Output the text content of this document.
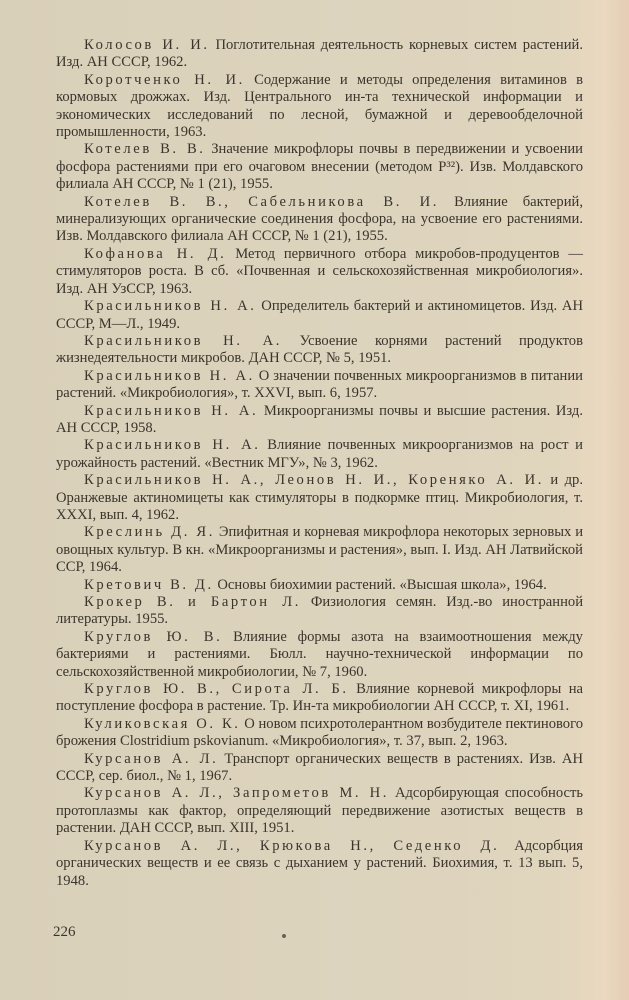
Колосов И. И. Поглотительная деятельность корневых систем растений. Изд. АН СССР, 1962.

Коротченко Н. И. Содержание и методы определения витаминов в кормовых дрожжах. Изд. Центрального ин-та технической информации и экономических исследований по лесной, бумажной и деревообделочной промышленности, 1963.

Котелев В. В. Значение микрофлоры почвы в передвижении и усвоении фосфора растениями при его очаговом внесении (методом P³²). Изв. Молдавского филиала АН СССР, № 1 (21), 1955.

Котелев В. В., Сабельникова В. И. Влияние бактерий, минерализующих органические соединения фосфора, на усвоение его растениями. Изв. Молдавского филиала АН СССР, № 1 (21), 1955.

Кофанова Н. Д. Метод первичного отбора микробов-продуцентов — стимуляторов роста. В сб. «Почвенная и сельскохозяйственная микробиология». Изд. АН УзССР, 1963.

Красильников Н. А. Определитель бактерий и актиномицетов. Изд. АН СССР, М—Л., 1949.

Красильников Н. А. Усвоение корнями растений продуктов жизнедеятельности микробов. ДАН СССР, № 5, 1951.

Красильников Н. А. О значении почвенных микроорганизмов в питании растений. «Микробиология», т. XXVI, вып. 6, 1957.

Красильников Н. А. Микроорганизмы почвы и высшие растения. Изд. АН СССР, 1958.

Красильников Н. А. Влияние почвенных микроорганизмов на рост и урожайность растений. «Вестник МГУ», № 3, 1962.

Красильников Н. А., Леонов Н. И., Кореняко А. И. и др. Оранжевые актиномицеты как стимуляторы в подкормке птиц. Микробиология, т. XXXI, вып. 4, 1962.

Креслинь Д. Я. Эпифитная и корневая микрофлора некоторых зерновых и овощных культур. В кн. «Микроорганизмы и растения», вып. I. Изд. АН Латвийской ССР, 1964.

Кретович В. Д. Основы биохимии растений. «Высшая школа», 1964.

Крокер В. и Бартон Л. Физиология семян. Изд.-во иностранной литературы. 1955.

Круглов Ю. В. Влияние формы азота на взаимоотношения между бактериями и растениями. Бюлл. научно-технической информации по сельскохозяйственной микробиологии, № 7, 1960.

Круглов Ю. В., Сирота Л. Б. Влияние корневой микрофлоры на поступление фосфора в растение. Тр. Ин-та микробиологии АН СССР, т. XI, 1961.

Куликовская О. К. О новом психротолерантном возбудителе пектинового брожения Clostridium pskovianum. «Микробиология», т. 37, вып. 2, 1963.

Курсанов А. Л. Транспорт органических веществ в растениях. Изв. АН СССР, сер. биол., № 1, 1967.

Курсанов А. Л., Запрометов М. Н. Адсорбирующая способность протоплазмы как фактор, определяющий передвижение азотистых веществ в растении. ДАН СССР, вып. XIII, 1951.

Курсанов А. Л., Крюкова Н., Седенко Д. Адсорбция органических веществ и ее связь с дыханием у растений. Биохимия, т. 13 вып. 5, 1948.

226
